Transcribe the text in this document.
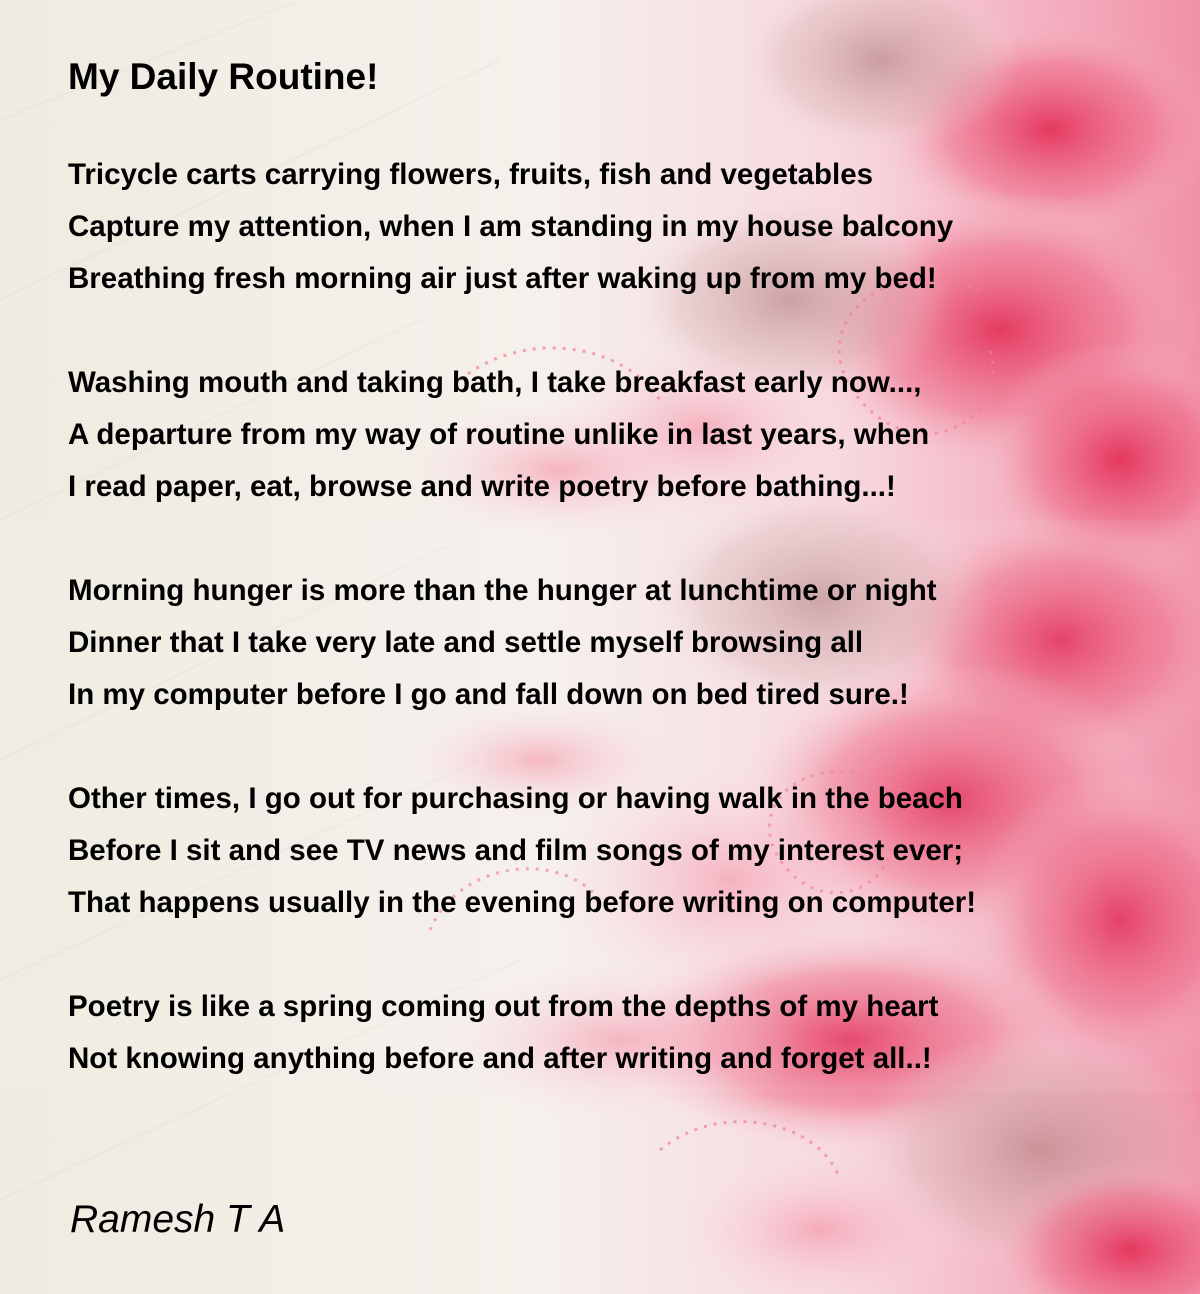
My Daily Routine!
Tricycle carts carrying flowers, fruits, fish and vegetables
Capture my attention, when I am standing in my house balcony
Breathing fresh morning air just after waking up from my bed!
Washing mouth and taking bath, I take breakfast early now...,
A departure from my way of routine unlike in last years, when
I read paper, eat, browse and write poetry before bathing...!
Morning hunger is more than the hunger at lunchtime or night
Dinner that I take very late and settle myself browsing all
In my computer before I go and fall down on bed tired sure.!
Other times, I go out for purchasing or having walk in the beach
Before I sit and see TV news and film songs of my interest ever;
That happens usually in the evening before writing on computer!
Poetry is like a spring coming out from the depths of my heart
Not knowing anything before and after writing and forget all..!
Ramesh T A
